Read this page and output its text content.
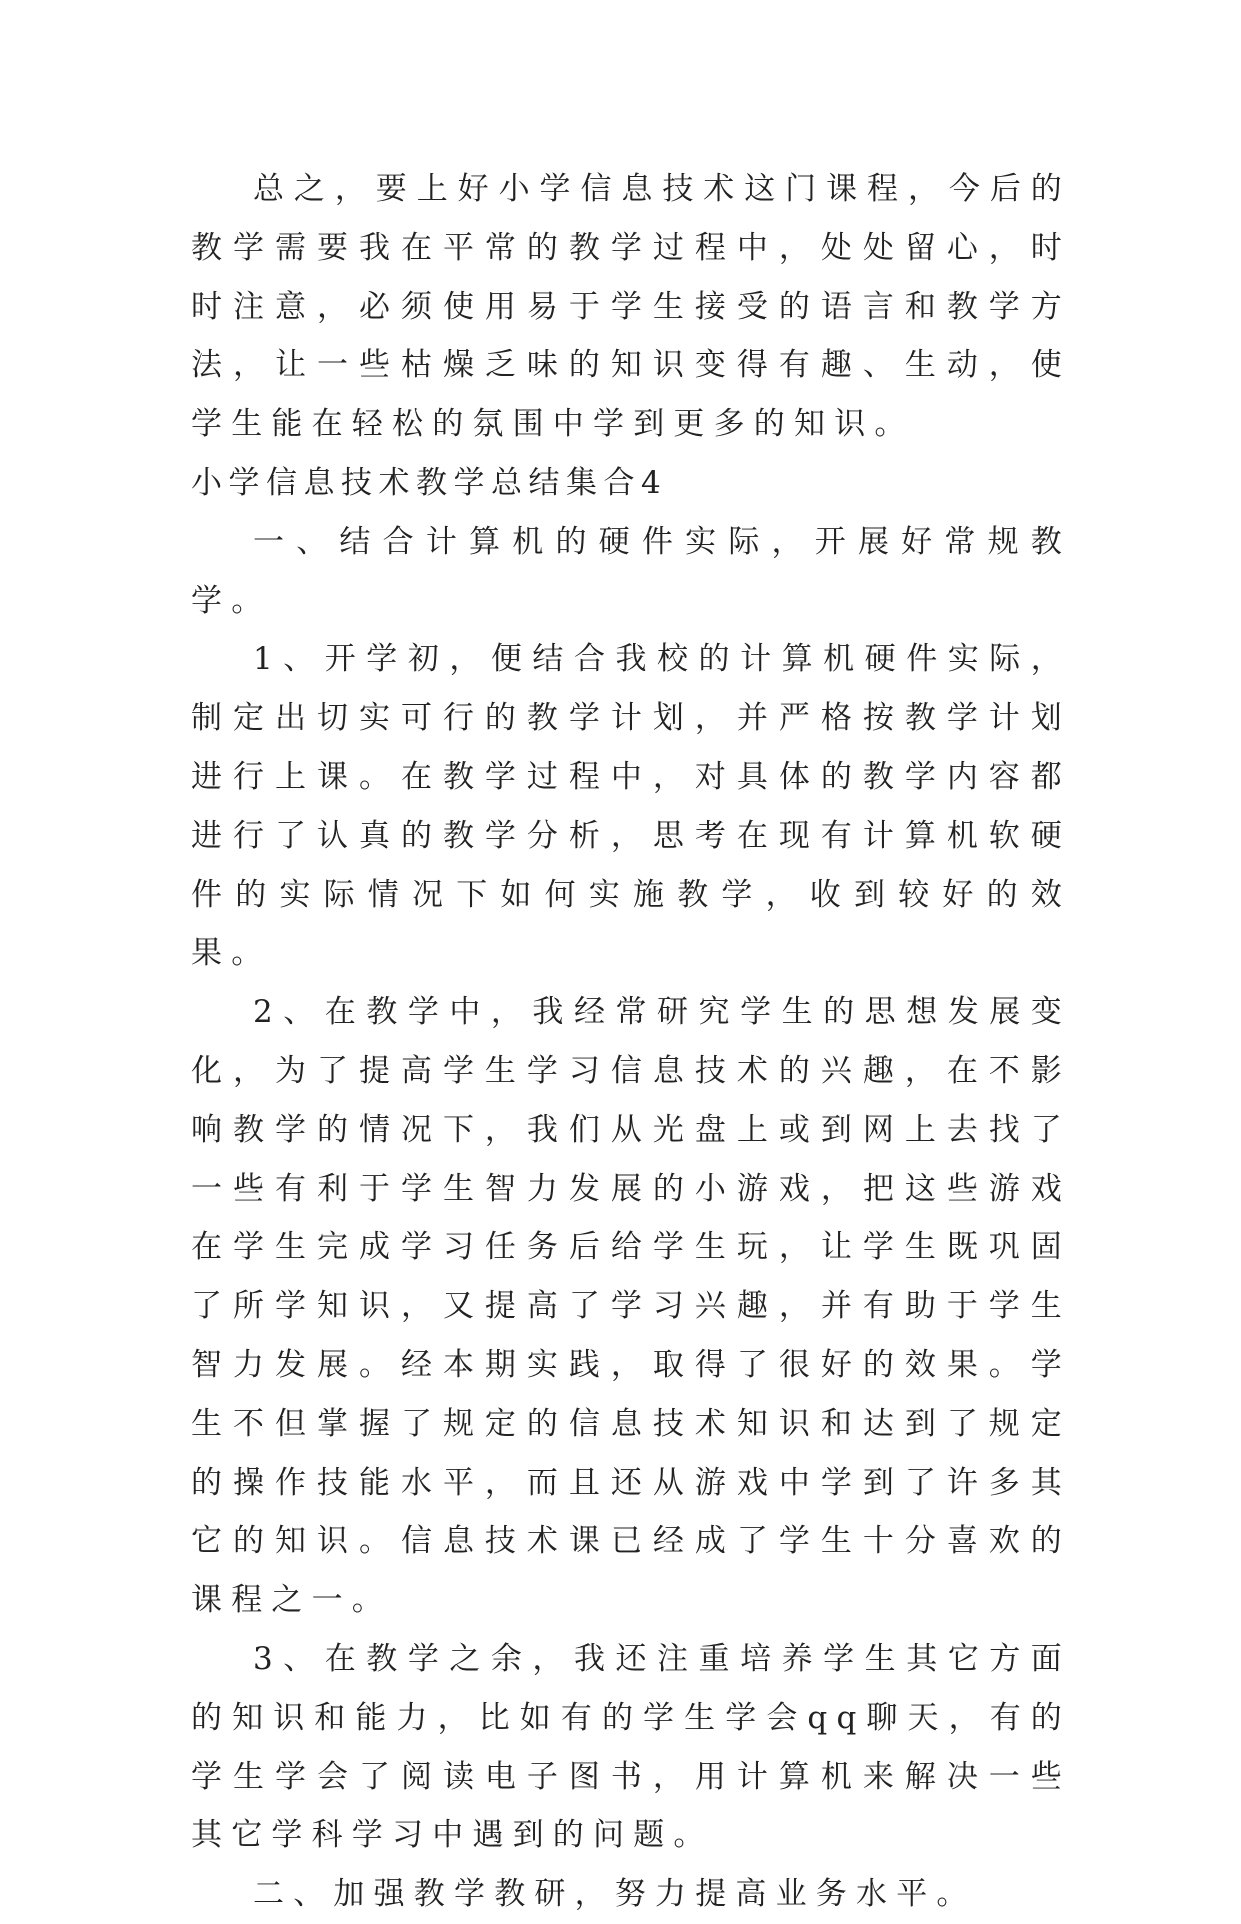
总之，要上好小学信息技术这门课程，今后的教学需要我在平常的教学过程中，处处留心，时时注意，必须使用易于学生接受的语言和教学方法，让一些枯燥乏味的知识变得有趣、生动，使学生能在轻松的氛围中学到更多的知识。

小学信息技术教学总结集合4

一、结合计算机的硬件实际，开展好常规教学。

1、开学初，便结合我校的计算机硬件实际，制定出切实可行的教学计划，并严格按教学计划进行上课。在教学过程中，对具体的教学内容都进行了认真的教学分析，思考在现有计算机软硬件的实际情况下如何实施教学，收到较好的效果。

2、在教学中，我经常研究学生的思想发展变化，为了提高学生学习信息技术的兴趣，在不影响教学的情况下，我们从光盘上或到网上去找了一些有利于学生智力发展的小游戏，把这些游戏在学生完成学习任务后给学生玩，让学生既巩固了所学知识，又提高了学习兴趣，并有助于学生智力发展。经本期实践，取得了很好的效果。学生不但掌握了规定的信息技术知识和达到了规定的操作技能水平，而且还从游戏中学到了许多其它的知识。信息技术课已经成了学生十分喜欢的课程之一。

3、在教学之余，我还注重培养学生其它方面的知识和能力，比如有的学生学会qq聊天，有的学生学会了阅读电子图书，用计算机来解决一些其它学科学习中遇到的问题。

二、加强教学教研，努力提高业务水平。
